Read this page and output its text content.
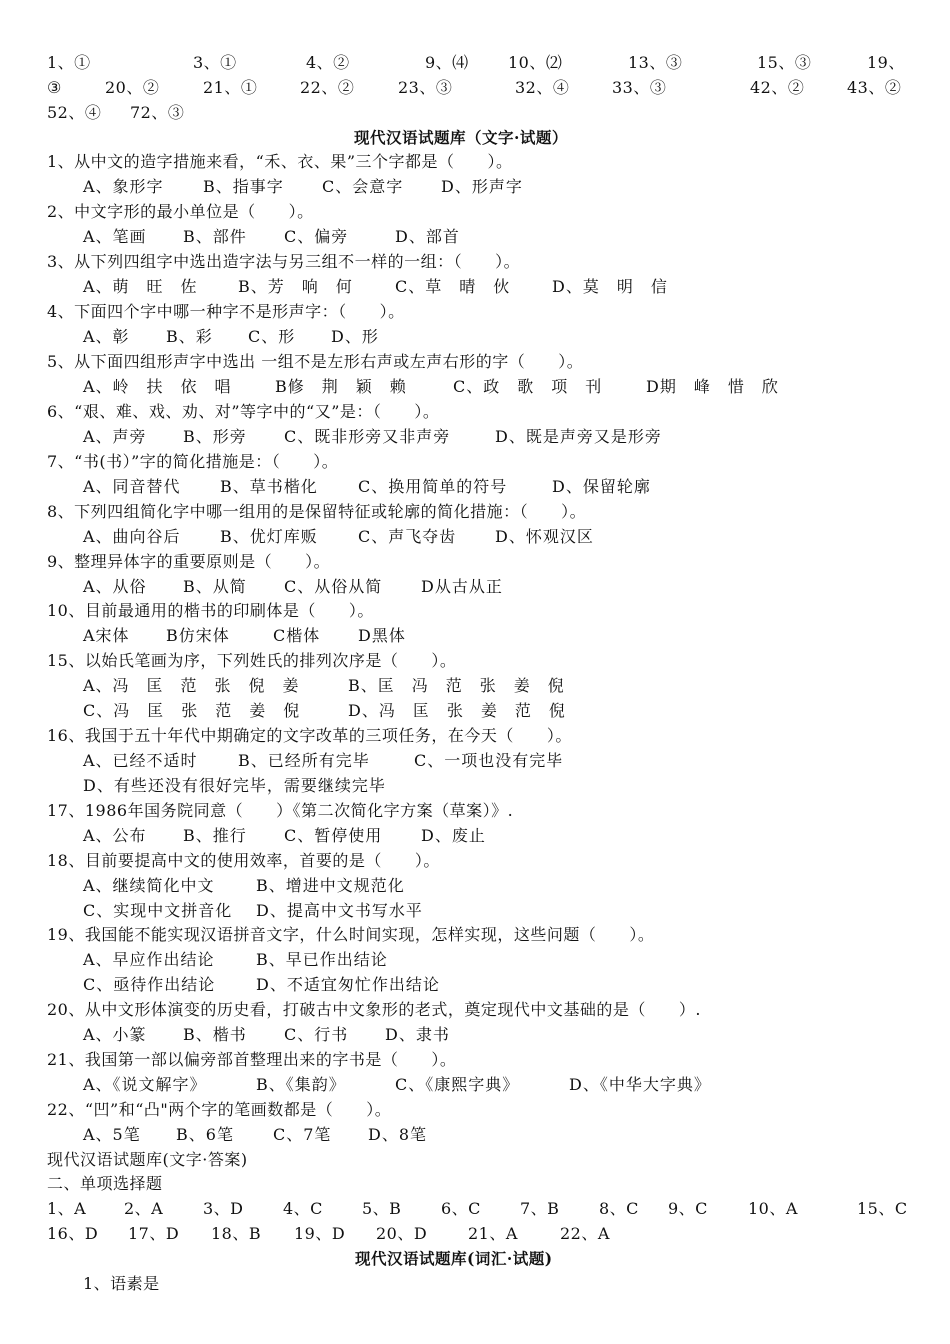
1、①	3、①	4、②	9、⑷ 10、⑵	13、③	15、③	19、
③	20、②	21、①	22、②	23、③	32、④	33、③	42、②	43、②
52、④ 72、③
现代汉语试题库（文字·试题）
1、从中文的造字措施来看，“禾、衣、果”三个字都是（　　）。
A、象形字 B、指事字 C、会意字 D、形声字
2、中文字形的最小单位是（　　）。
A、笔画 B、部件 C、偏旁	D、部首
3、从下列四组字中选出造字法与另三组不一样的一组：（　　）。
A、萌　旺　佐	B、芳　响　何	C、草　晴　伙	D、莫　明　信
4、下面四个字中哪一种字不是形声字：（　　）。
A、彰 B、彩 C、形 D、形
5、从下面四组形声字中选出 一组不是左形右声或左声右形的字（　　）。
A、岭　扶　依　唱	B修　荆　颖　赖	C、政　歌　项　刊	D期　峰　惜　欣
6、“艰、难、戏、劝、对”等字中的“又”是：（　　）。
A、声旁 B、形旁 C、既非形旁又非声旁	D、既是声旁又是形旁
7、“书(书）”字的简化措施是：（　　）。
A、同音替代 B、草书楷化	C、换用简单的符号	D、保留轮廓
8、下列四组简化字中哪一组用的是保留特征或轮廓的简化措施：（　　）。
A、曲向谷后 B、优灯库贩	C、声飞夺齿 D、怀观汉区
9、整理异体字的重要原则是（　　）。
A、从俗 B、从简 C、从俗从简 D从古从正
10、目前最通用的楷书的印刷体是（　　）。
A宋体 B仿宋体	C楷体 D黑体
15、以始氏笔画为序，下列姓氏的排列次序是（　　）。
A、冯　匡　范　张　倪　姜	B、匡　冯　范　张　姜　倪
C、冯　匡　张　范　姜　倪	D、冯　匡　张　姜　范　倪
16、我国于五十年代中期确定的文字改革的三项任务，在今天（　　）。
A、已经不适时	B、已经所有完毕	C、一项也没有完毕
D、有些还没有很好完毕，需要继续完毕
17、1986年国务院同意（　　）《第二次简化字方案（草案）》.
A、公布 B、推行 C、暂停使用 D、废止
18、目前要提高中文的使用效率，首要的是（　　）。
A、继续简化中文	B、增进中文规范化
C、实现中文拼音化 D、提高中文书写水平
19、我国能不能实现汉语拼音文字，什么时间实现，怎样实现，这些问题（　　）。
A、早应作出结论	B、早已作出结论
C、亟待作出结论	D、不适宜匆忙作出结论
20、从中文形体演变的历史看，打破古中文象形的老式，奠定现代中文基础的是（　　）.
A、小篆 B、楷书 C、行书 D、隶书
21、我国第一部以偏旁部首整理出来的字书是（　　）。
A、《说文解字》	B、《集韵》	C、《康熙字典》	D、《中华大字典》
22、“凹”和“凸"两个字的笔画数都是（　　）。
A、5笔 B、6笔 C、7笔 D、8笔
现代汉语试题库(文字·答案)
二、单项选择题
1、A 2、A 3、D 4、C 5、B 6、C 7、B 8、C 9、C	10、A	15、C
16、D 17、D 18、B 19、D 20、D	21、A	22、A
现代汉语试题库(词汇·试题)
1、语素是
